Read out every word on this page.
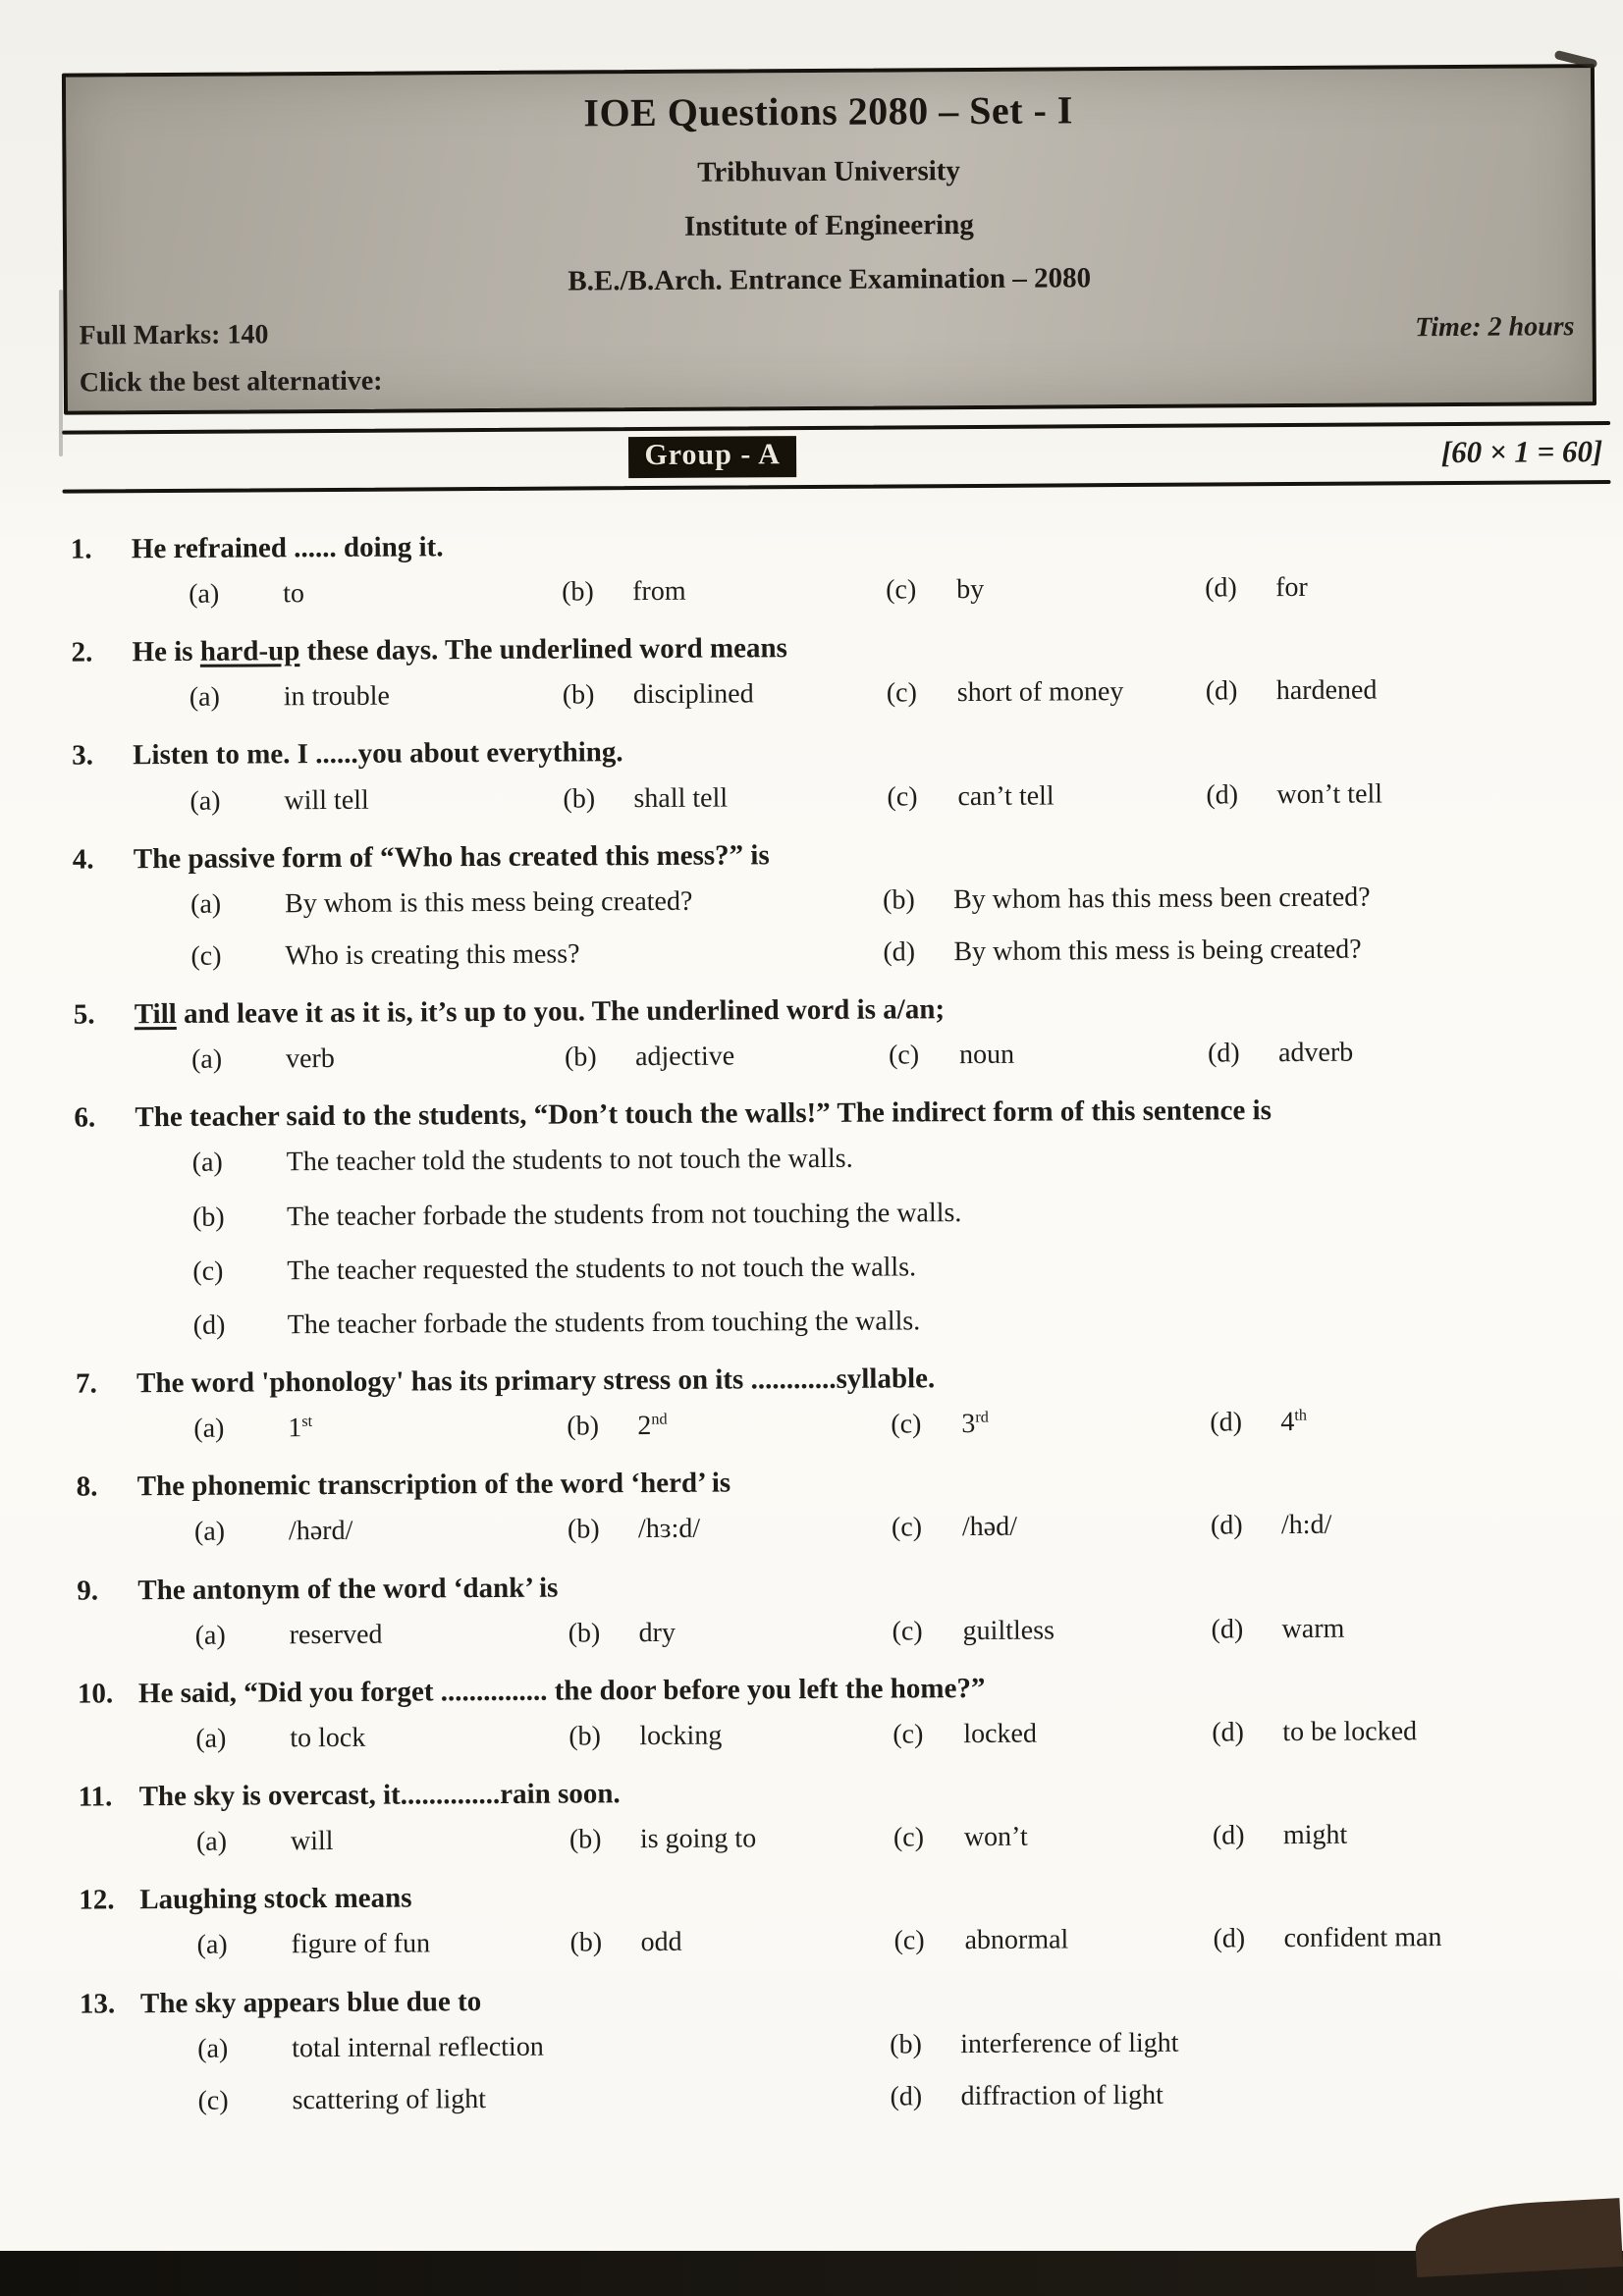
IOE Questions 2080 – Set - I
Tribhuvan University
Institute of Engineering
B.E./B.Arch. Entrance Examination – 2080
Full Marks: 140	Time: 2 hours
Click the best alternative:
Group - A	[60 × 1 = 60]
1.	He refrained ...... doing it.
(a) to	(b) from	(c) by	(d) for
2.	He is hard-up these days. The underlined word means
(a) in trouble	(b) disciplined	(c) short of money	(d) hardened
3.	Listen to me. I ......you about everything.
(a) will tell	(b) shall tell	(c) can’t tell	(d) won’t tell
4.	The passive form of “Who has created this mess?” is
(a) By whom is this mess being created?	(b) By whom has this mess been created?
(c) Who is creating this mess?	(d) By whom this mess is being created?
5.	Till and leave it as it is, it’s up to you. The underlined word is a/an;
(a) verb	(b) adjective	(c) noun	(d) adverb
6.	The teacher said to the students, “Don’t touch the walls!” The indirect form of this sentence is
(a) The teacher told the students to not touch the walls.
(b) The teacher forbade the students from not touching the walls.
(c) The teacher requested the students to not touch the walls.
(d) The teacher forbade the students from touching the walls.
7.	The word 'phonology' has its primary stress on its ............syllable.
(a) 1st	(b) 2nd	(c) 3rd	(d) 4th
8.	The phonemic transcription of the word ‘herd’ is
(a) /hərd/	(b) /hɜ:d/	(c) /həd/	(d) /h:d/
9.	The antonym of the word ‘dank’ is
(a) reserved	(b) dry	(c) guiltless	(d) warm
10. He said, “Did you forget ............... the door before you left the home?”
(a) to lock	(b) locking	(c) locked	(d) to be locked
11. The sky is overcast, it..............rain soon.
(a) will	(b) is going to	(c) won’t	(d) might
12. Laughing stock means
(a) figure of fun	(b) odd	(c) abnormal	(d) confident man
13. The sky appears blue due to
(a) total internal reflection	(b) interference of light
(c) scattering of light	(d) diffraction of light
